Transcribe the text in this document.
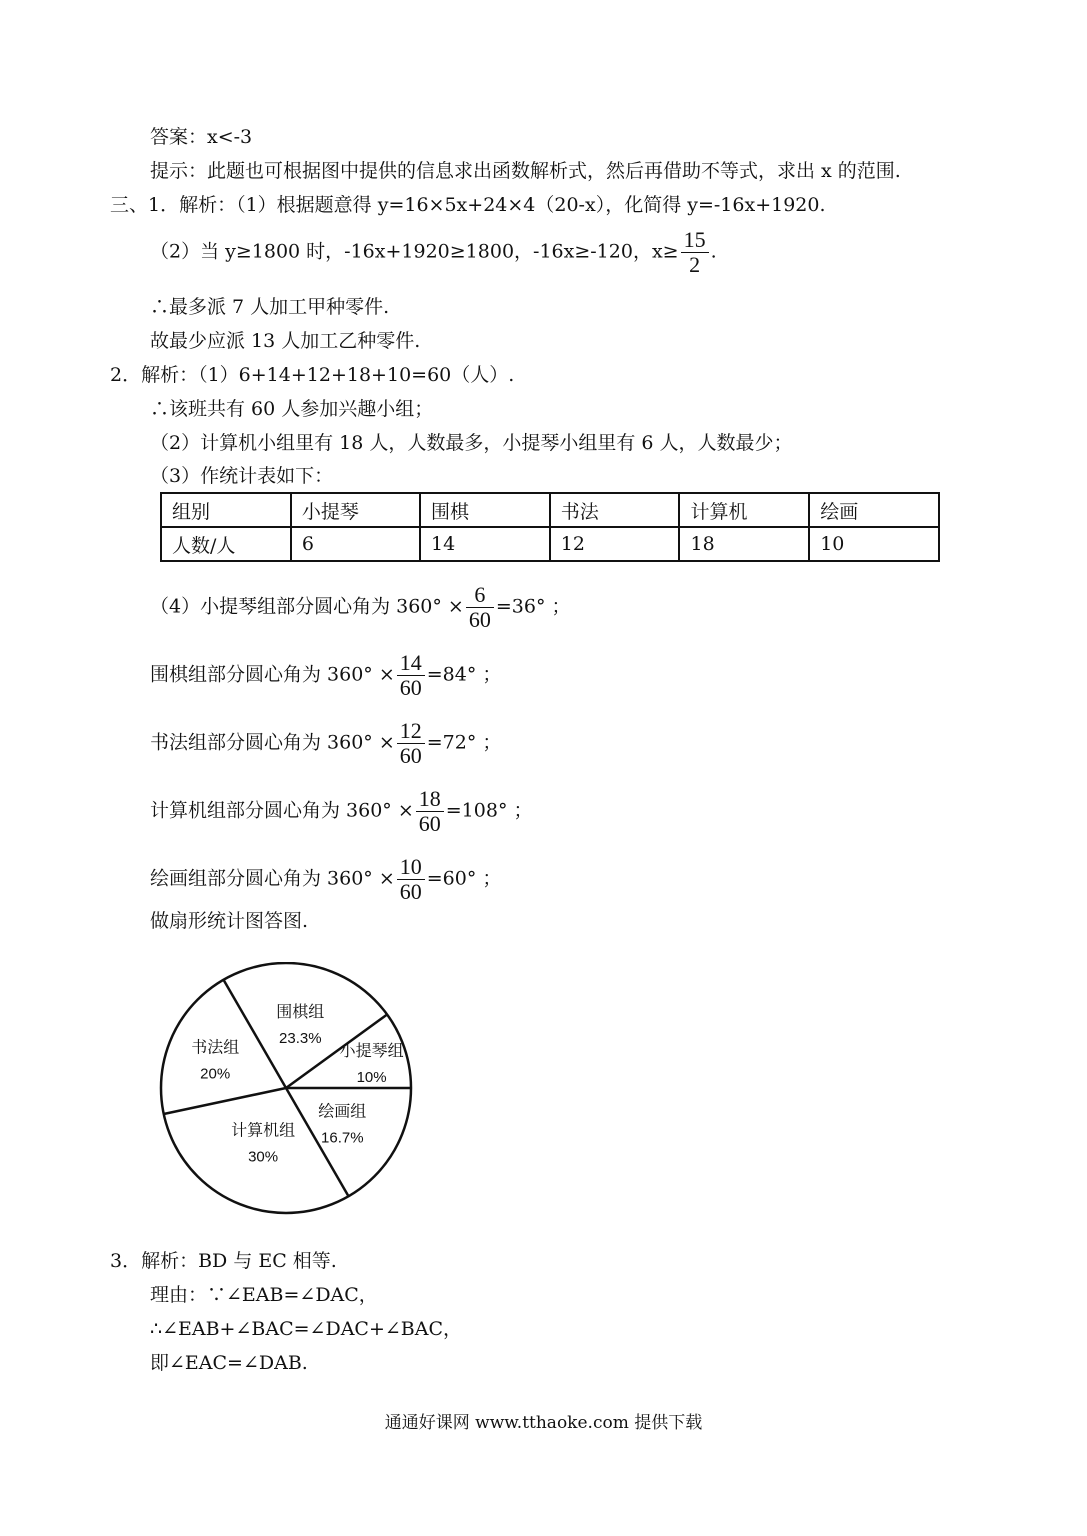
答案：x<-3
提示：此题也可根据图中提供的信息求出函数解析式，然后再借助不等式，求出 x 的范围.
三、1．解析：（1）根据题意得 y=16×5x+24×4（20-x），化简得 y=-16x+1920.
（2）当 y≥1800 时，-16x+1920≥1800，-16x≥-120，$x\ge \frac{15}{2}$ .
∴最多派 7 人加工甲种零件.
故最少应派 13 人加工乙种零件.
2．解析：（1）6+14+12+18+10=60（人）.
∴该班共有 60 人参加兴趣小组；
（2）计算机小组里有 18 人，人数最多，小提琴小组里有 6 人，人数最少；
（3）作统计表如下：
组别	小提琴	围棋	书法	计算机	绘画
人数/人	6	14	12	18	10
（4）小提琴组部分圆心角为 $360^\circ \times \frac{6}{60} =36^\circ$ ；
围棋组部分圆心角为 $360^\circ \times \frac{14}{60} =84^\circ$ ；
书法组部分圆心角为 $360^\circ \times \frac{12}{60} =72^\circ$ ；
计算机组部分圆心角为 $360^\circ \times \frac{18}{60} =108^\circ$ ；
绘画组部分圆心角为 $360^\circ \times \frac{10}{60} =60^\circ$ ；
做扇形统计图答图.
小提琴组
10%
围棋组
23.3%
书法组
20%
计算机组
30%
绘画组
16.7%
3．解析：BD 与 EC 相等.
理由：∵∠EAB=∠DAC，
∴∠EAB+∠BAC=∠DAC+∠BAC，
即∠EAC=∠DAB.
通通好课网 www.tthaoke.com 提供下载
